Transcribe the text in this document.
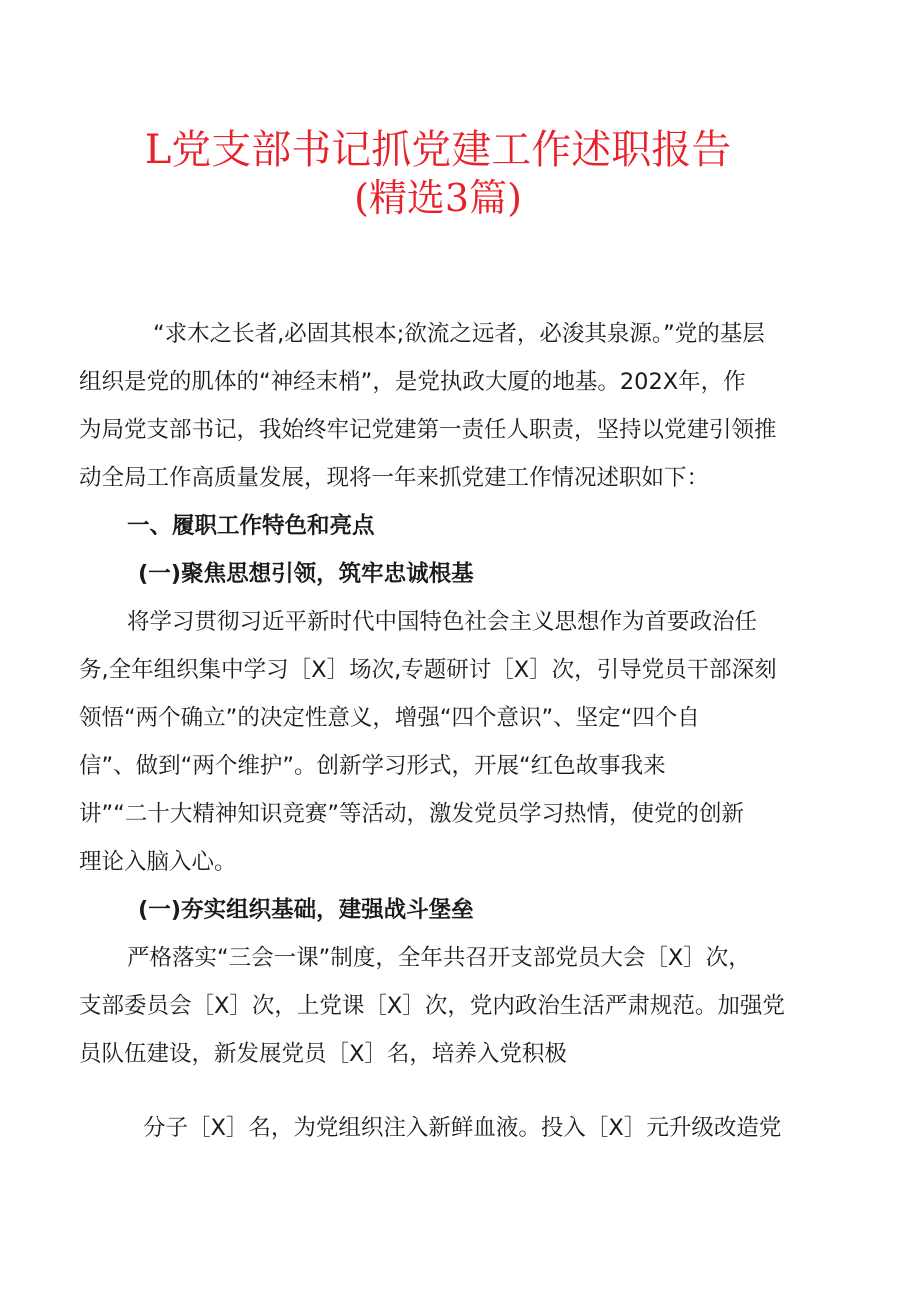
L党支部书记抓党建工作述职报告
(精选3篇)
“求木之长者,必固其根本;欲流之远者，必浚其泉源。”党的基层
组织是党的肌体的“神经末梢”，是党执政大厦的地基。202X年，作
为局党支部书记，我始终牢记党建第一责任人职责，坚持以党建引领推
动全局工作高质量发展，现将一年来抓党建工作情况述职如下：
一、履职工作特色和亮点
(一)聚焦思想引领，筑牢忠诚根基
将学习贯彻习近平新时代中国特色社会主义思想作为首要政治任
务,全年组织集中学习［X］场次,专题研讨［X］次，引导党员干部深刻
领悟“两个确立”的决定性意义，增强“四个意识”、坚定“四个自
信”、做到“两个维护”。创新学习形式，开展“红色故事我来
讲”“二十大精神知识竞赛”等活动，激发党员学习热情，使党的创新
理论入脑入心。
(一)夯实组织基础，建强战斗堡垒
严格落实“三会一课”制度，全年共召开支部党员大会［X］次，
支部委员会［X］次，上党课［X］次，党内政治生活严肃规范。加强党
员队伍建设，新发展党员［X］名，培养入党积极
分子［X］名，为党组织注入新鲜血液。投入［X］元升级改造党
